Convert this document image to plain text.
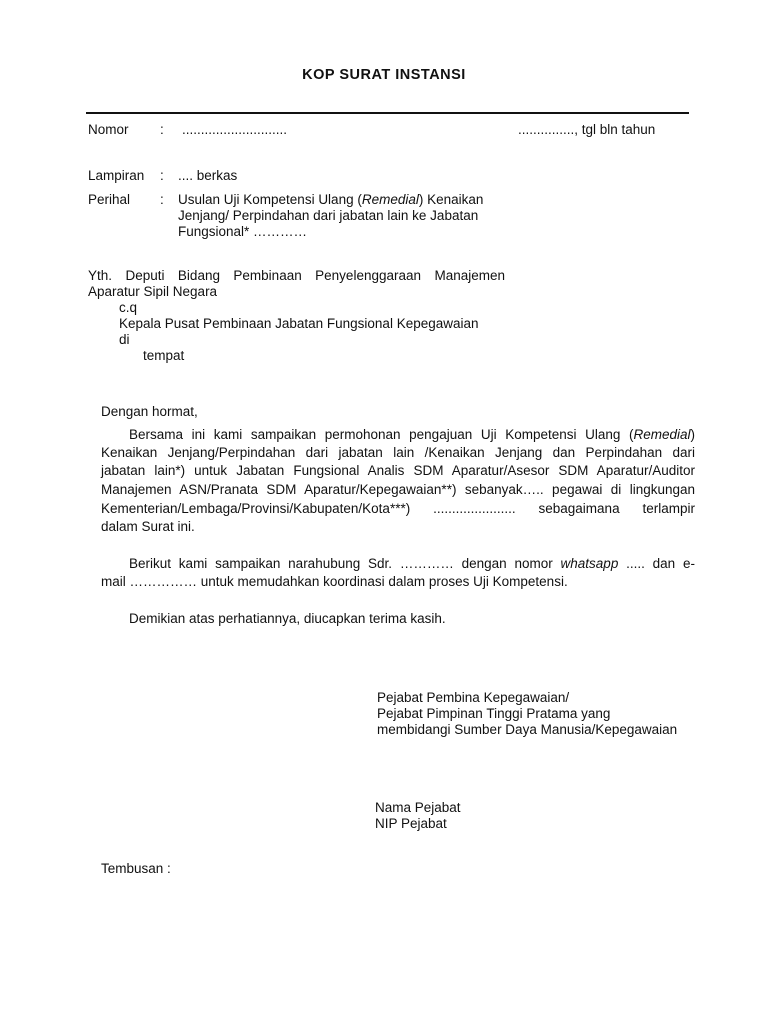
KOP SURAT INSTANSI
Nomor : ............................	..............., tgl bln tahun
Lampiran : .... berkas
Perihal : Usulan Uji Kompetensi Ulang (Remedial) Kenaikan
Jenjang/ Perpindahan dari jabatan lain ke Jabatan
Fungsional* …………
Yth. Deputi Bidang Pembinaan Penyelenggaraan Manajemen
Aparatur Sipil Negara
c.q
Kepala Pusat Pembinaan Jabatan Fungsional Kepegawaian
di
tempat
Dengan hormat,
Bersama ini kami sampaikan permohonan pengajuan Uji Kompetensi Ulang (Remedial)
Kenaikan Jenjang/Perpindahan dari jabatan lain /Kenaikan Jenjang dan Perpindahan dari
jabatan lain*) untuk Jabatan Fungsional Analis SDM Aparatur/Asesor SDM Aparatur/Auditor
Manajemen ASN/Pranata SDM Aparatur/Kepegawaian**) sebanyak….. pegawai di lingkungan
Kementerian/Lembaga/Provinsi/Kabupaten/Kota***) ...................... sebagaimana terlampir
dalam Surat ini.
Berikut kami sampaikan narahubung Sdr. ………… dengan nomor whatsapp ..... dan e-
mail …………… untuk memudahkan koordinasi dalam proses Uji Kompetensi.
Demikian atas perhatiannya, diucapkan terima kasih.
Pejabat Pembina Kepegawaian/
Pejabat Pimpinan Tinggi Pratama yang
membidangi Sumber Daya Manusia/Kepegawaian
Nama Pejabat
NIP Pejabat
Tembusan :
